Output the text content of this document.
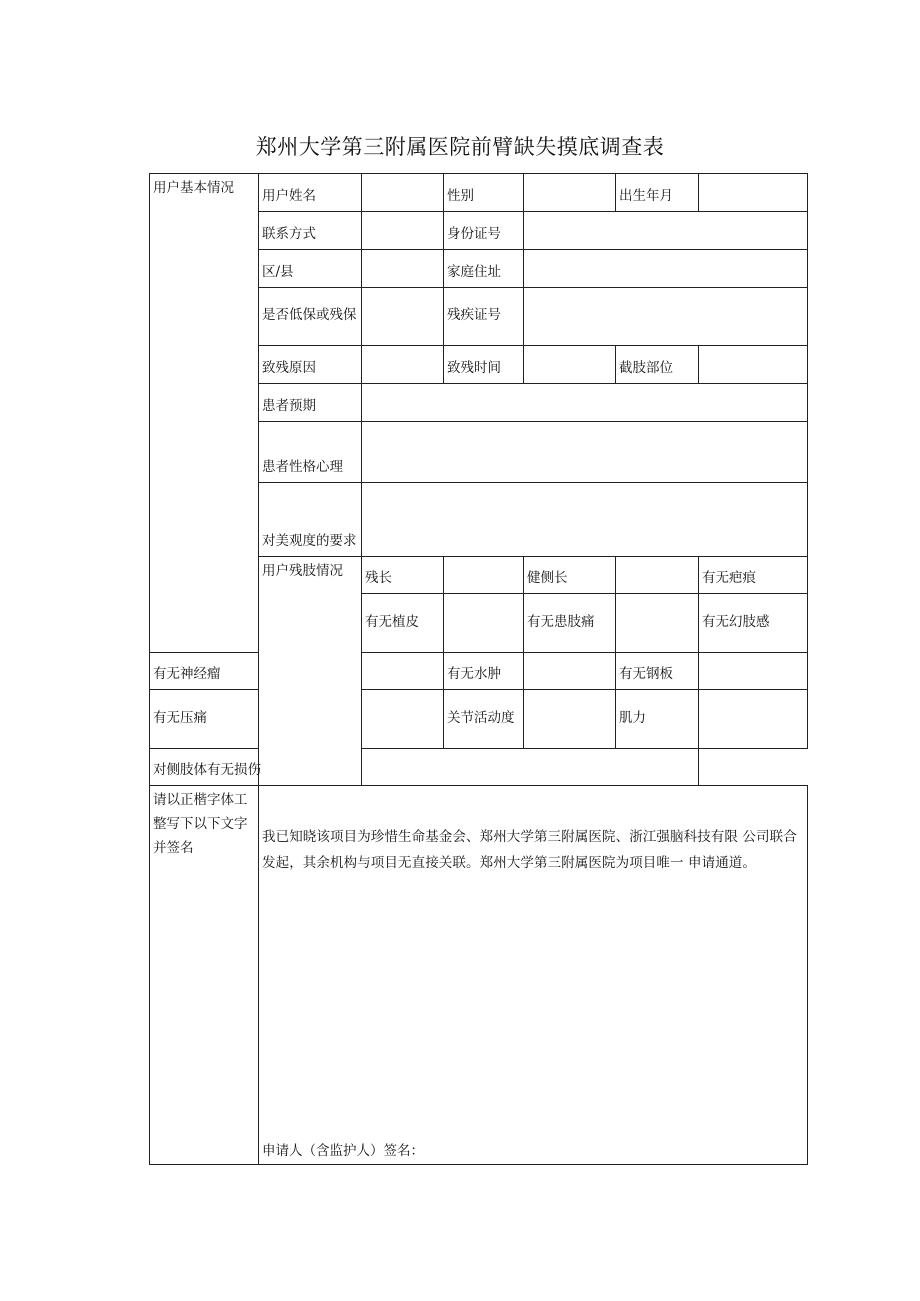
郑州大学第三附属医院前臂缺失摸底调查表
用户基本情况	用户姓名		性别		出生年月		
	联系方式		身份证号				
	区/县		家庭住址				
	是否低保或残保		残疾证号				
	致残原因		致残时间		截肢部位		
	患者预期						
	患者性格心理						
	对美观度的要求						
	用户残肢情况	残长		健侧长		有无疤痕	
		有无植皮		有无患肢痛		有无幻肢感	
有无神经瘤			有无水肿		有无钢板		
有无压痛			关节活动度		肌力		
对侧肢体有无损伤							
请以正楷字体工整写下以下文字并签名	我已知晓该项目为珍惜生命基金会、郑州大学第三附属医院、浙江强脑科技有限 公司联合发起，其余机构与项目无直接关联。郑州大学第三附属医院为项目唯一 申请通道。
申请人（含监护人）签名：						
